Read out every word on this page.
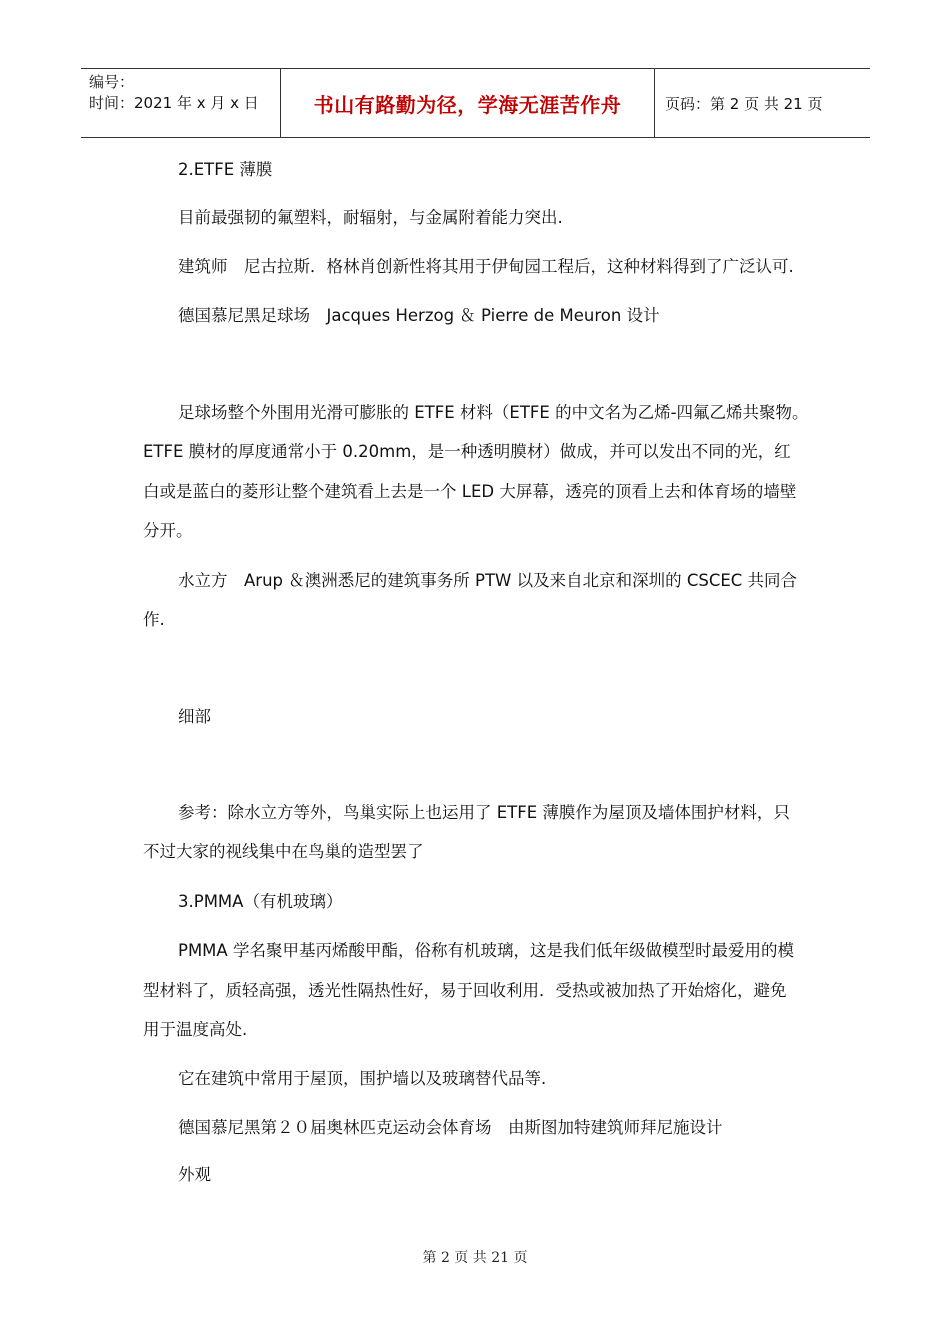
编号：
时间：2021 年 x 月 x 日	书山有路勤为径，学海无涯苦作舟	页码：第 2 页 共 21 页
2.ETFE 薄膜
目前最强韧的氟塑料，耐辐射，与金属附着能力突出.
建筑师　尼古拉斯．格林肖创新性将其用于伊甸园工程后，这种材料得到了广泛认可.
德国慕尼黑足球场　Jacques Herzog ＆ Pierre de Meuron 设计
足球场整个外围用光滑可膨胀的 ETFE 材料（ETFE 的中文名为乙烯-四氟乙烯共聚物。
ETFE 膜材的厚度通常小于 0.20mm，是一种透明膜材）做成，并可以发出不同的光，红
白或是蓝白的菱形让整个建筑看上去是一个 LED 大屏幕，透亮的顶看上去和体育场的墙壁
分开。
水立方　Arup ＆澳洲悉尼的建筑事务所 PTW 以及来自北京和深圳的 CSCEC 共同合
作.
细部
参考：除水立方等外，鸟巢实际上也运用了 ETFE 薄膜作为屋顶及墙体围护材料，只
不过大家的视线集中在鸟巢的造型罢了
3.PMMA（有机玻璃）
PMMA 学名聚甲基丙烯酸甲酯，俗称有机玻璃，这是我们低年级做模型时最爱用的模
型材料了，质轻高强，透光性隔热性好，易于回收利用．受热或被加热了开始熔化，避免
用于温度高处.
它在建筑中常用于屋顶，围护墙以及玻璃替代品等.
德国慕尼黑第２０届奥林匹克运动会体育场　由斯图加特建筑师拜尼施设计
外观
第 2 页 共 21 页
